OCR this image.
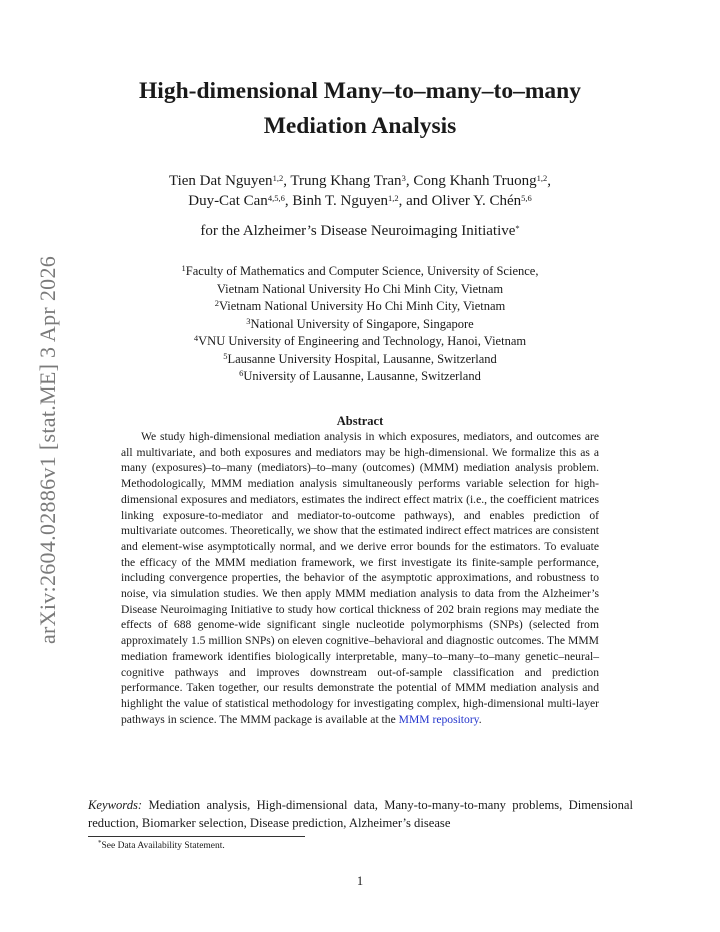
arXiv:2604.02886v1 [stat.ME] 3 Apr 2026
High-dimensional Many–to–many–to–many
Mediation Analysis
Tien Dat Nguyen$^{1,2}$, Trung Khang Tran$^3$, Cong Khanh Truong$^{1,2}$,
Duy-Cat Can$^{4,5,6}$, Binh T. Nguyen$^{1,2}$, and Oliver Y. Chén$^{5,6}$
for the Alzheimer’s Disease Neuroimaging Initiative*
$^1$Faculty of Mathematics and Computer Science, University of Science,
Vietnam National University Ho Chi Minh City, Vietnam
$^2$Vietnam National University Ho Chi Minh City, Vietnam
$^3$National University of Singapore, Singapore
$^4$VNU University of Engineering and Technology, Hanoi, Vietnam
$^5$Lausanne University Hospital, Lausanne, Switzerland
$^6$University of Lausanne, Lausanne, Switzerland
Abstract
We study high-dimensional mediation analysis in which exposures, mediators, and outcomes are all multivariate, and both exposures and mediators may be high-dimensional. We formalize this as a many (exposures)–to–many (mediators)–to–many (outcomes) (MMM) mediation analysis problem. Methodologically, MMM mediation analysis simultaneously performs variable selection for high-dimensional exposures and mediators, estimates the indirect effect matrix (i.e., the coefficient matrices linking exposure-to-mediator and mediator-to-outcome pathways), and enables prediction of multivariate outcomes. Theoretically, we show that the estimated indirect effect matrices are consistent and element-wise asymptotically normal, and we derive error bounds for the estimators. To evaluate the efficacy of the MMM mediation framework, we first investigate its finite-sample performance, including convergence properties, the behavior of the asymptotic approximations, and robustness to noise, via simulation studies. We then apply MMM mediation analysis to data from the Alzheimer’s Disease Neuroimaging Initiative to study how cortical thickness of 202 brain regions may mediate the effects of 688 genome-wide significant single nucleotide polymorphisms (SNPs) (selected from approximately 1.5 million SNPs) on eleven cognitive–behavioral and diagnostic outcomes. The MMM mediation framework identifies biologically interpretable, many–to–many–to–many genetic–neural–cognitive pathways and improves downstream out-of-sample classification and prediction performance. Taken together, our results demonstrate the potential of MMM mediation analysis and highlight the value of statistical methodology for investigating complex, high-dimensional multi-layer pathways in science. The MMM package is available at the MMM repository.
Keywords: Mediation analysis, High-dimensional data, Many-to-many-to-many problems, Dimensional reduction, Biomarker selection, Disease prediction, Alzheimer’s disease
*See Data Availability Statement.
1
